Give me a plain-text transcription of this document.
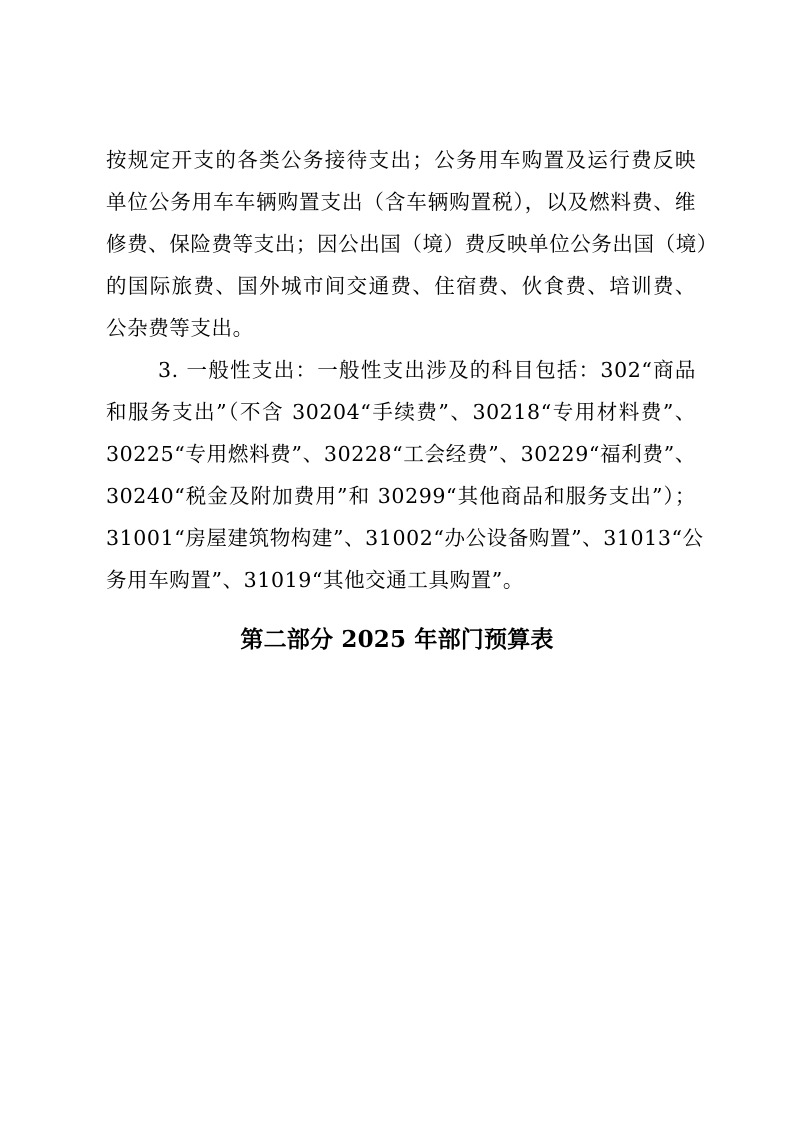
按规定开支的各类公务接待支出；公务用车购置及运行费反映
单位公务用车车辆购置支出（含车辆购置税），以及燃料费、维
修费、保险费等支出；因公出国（境）费反映单位公务出国（境）
的国际旅费、国外城市间交通费、住宿费、伙食费、培训费、
公杂费等支出。
3. 一般性支出：一般性支出涉及的科目包括：302“商品
和服务支出”（不含 30204“手续费”、30218“专用材料费”、
30225“专用燃料费”、30228“工会经费”、30229“福利费”、
30240“税金及附加费用”和 30299“其他商品和服务支出”）；
31001“房屋建筑物构建”、31002“办公设备购置”、31013“公
务用车购置”、31019“其他交通工具购置”。
第二部分 2025 年部门预算表
